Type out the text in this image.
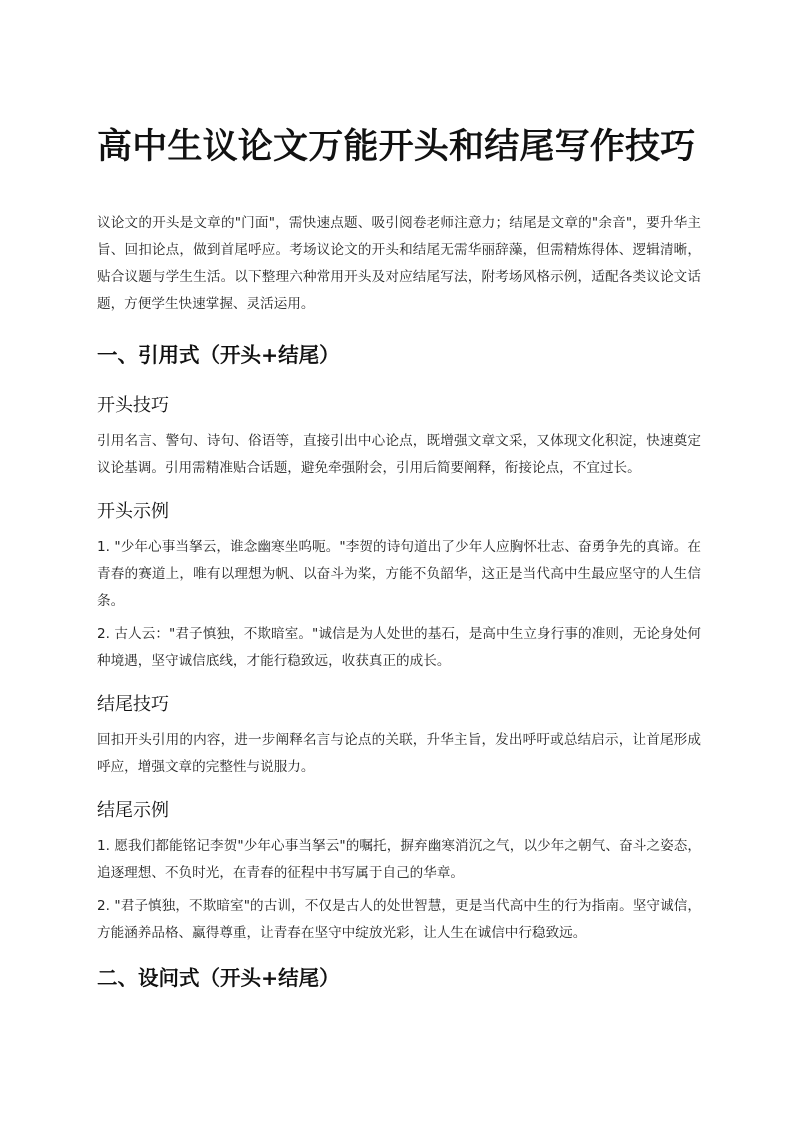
高中生议论文万能开头和结尾写作技巧

议论文的开头是文章的"门面"，需快速点题、吸引阅卷老师注意力；结尾是文章的"余音"，要升华主旨、回扣论点，做到首尾呼应。考场议论文的开头和结尾无需华丽辞藻，但需精炼得体、逻辑清晰，贴合议题与学生生活。以下整理六种常用开头及对应结尾写法，附考场风格示例，适配各类议论文话题，方便学生快速掌握、灵活运用。

一、引用式（开头+结尾）
开头技巧

引用名言、警句、诗句、俗语等，直接引出中心论点，既增强文章文采，又体现文化积淀，快速奠定议论基调。引用需精准贴合话题，避免牵强附会，引用后简要阐释，衔接论点，不宜过长。

开头示例

1. "少年心事当拏云，谁念幽寒坐呜呃。"李贺的诗句道出了少年人应胸怀壮志、奋勇争先的真谛。在青春的赛道上，唯有以理想为帆、以奋斗为桨，方能不负韶华，这正是当代高中生最应坚守的人生信条。

2. 古人云："君子慎独，不欺暗室。"诚信是为人处世的基石，是高中生立身行事的准则，无论身处何种境遇，坚守诚信底线，才能行稳致远，收获真正的成长。

结尾技巧

回扣开头引用的内容，进一步阐释名言与论点的关联，升华主旨，发出呼吁或总结启示，让首尾形成呼应，增强文章的完整性与说服力。

结尾示例

1. 愿我们都能铭记李贺"少年心事当拏云"的嘱托，摒弃幽寒消沉之气，以少年之朝气、奋斗之姿态，追逐理想、不负时光，在青春的征程中书写属于自己的华章。

2. "君子慎独，不欺暗室"的古训，不仅是古人的处世智慧，更是当代高中生的行为指南。坚守诚信，方能涵养品格、赢得尊重，让青春在坚守中绽放光彩，让人生在诚信中行稳致远。

二、设问式（开头+结尾）
